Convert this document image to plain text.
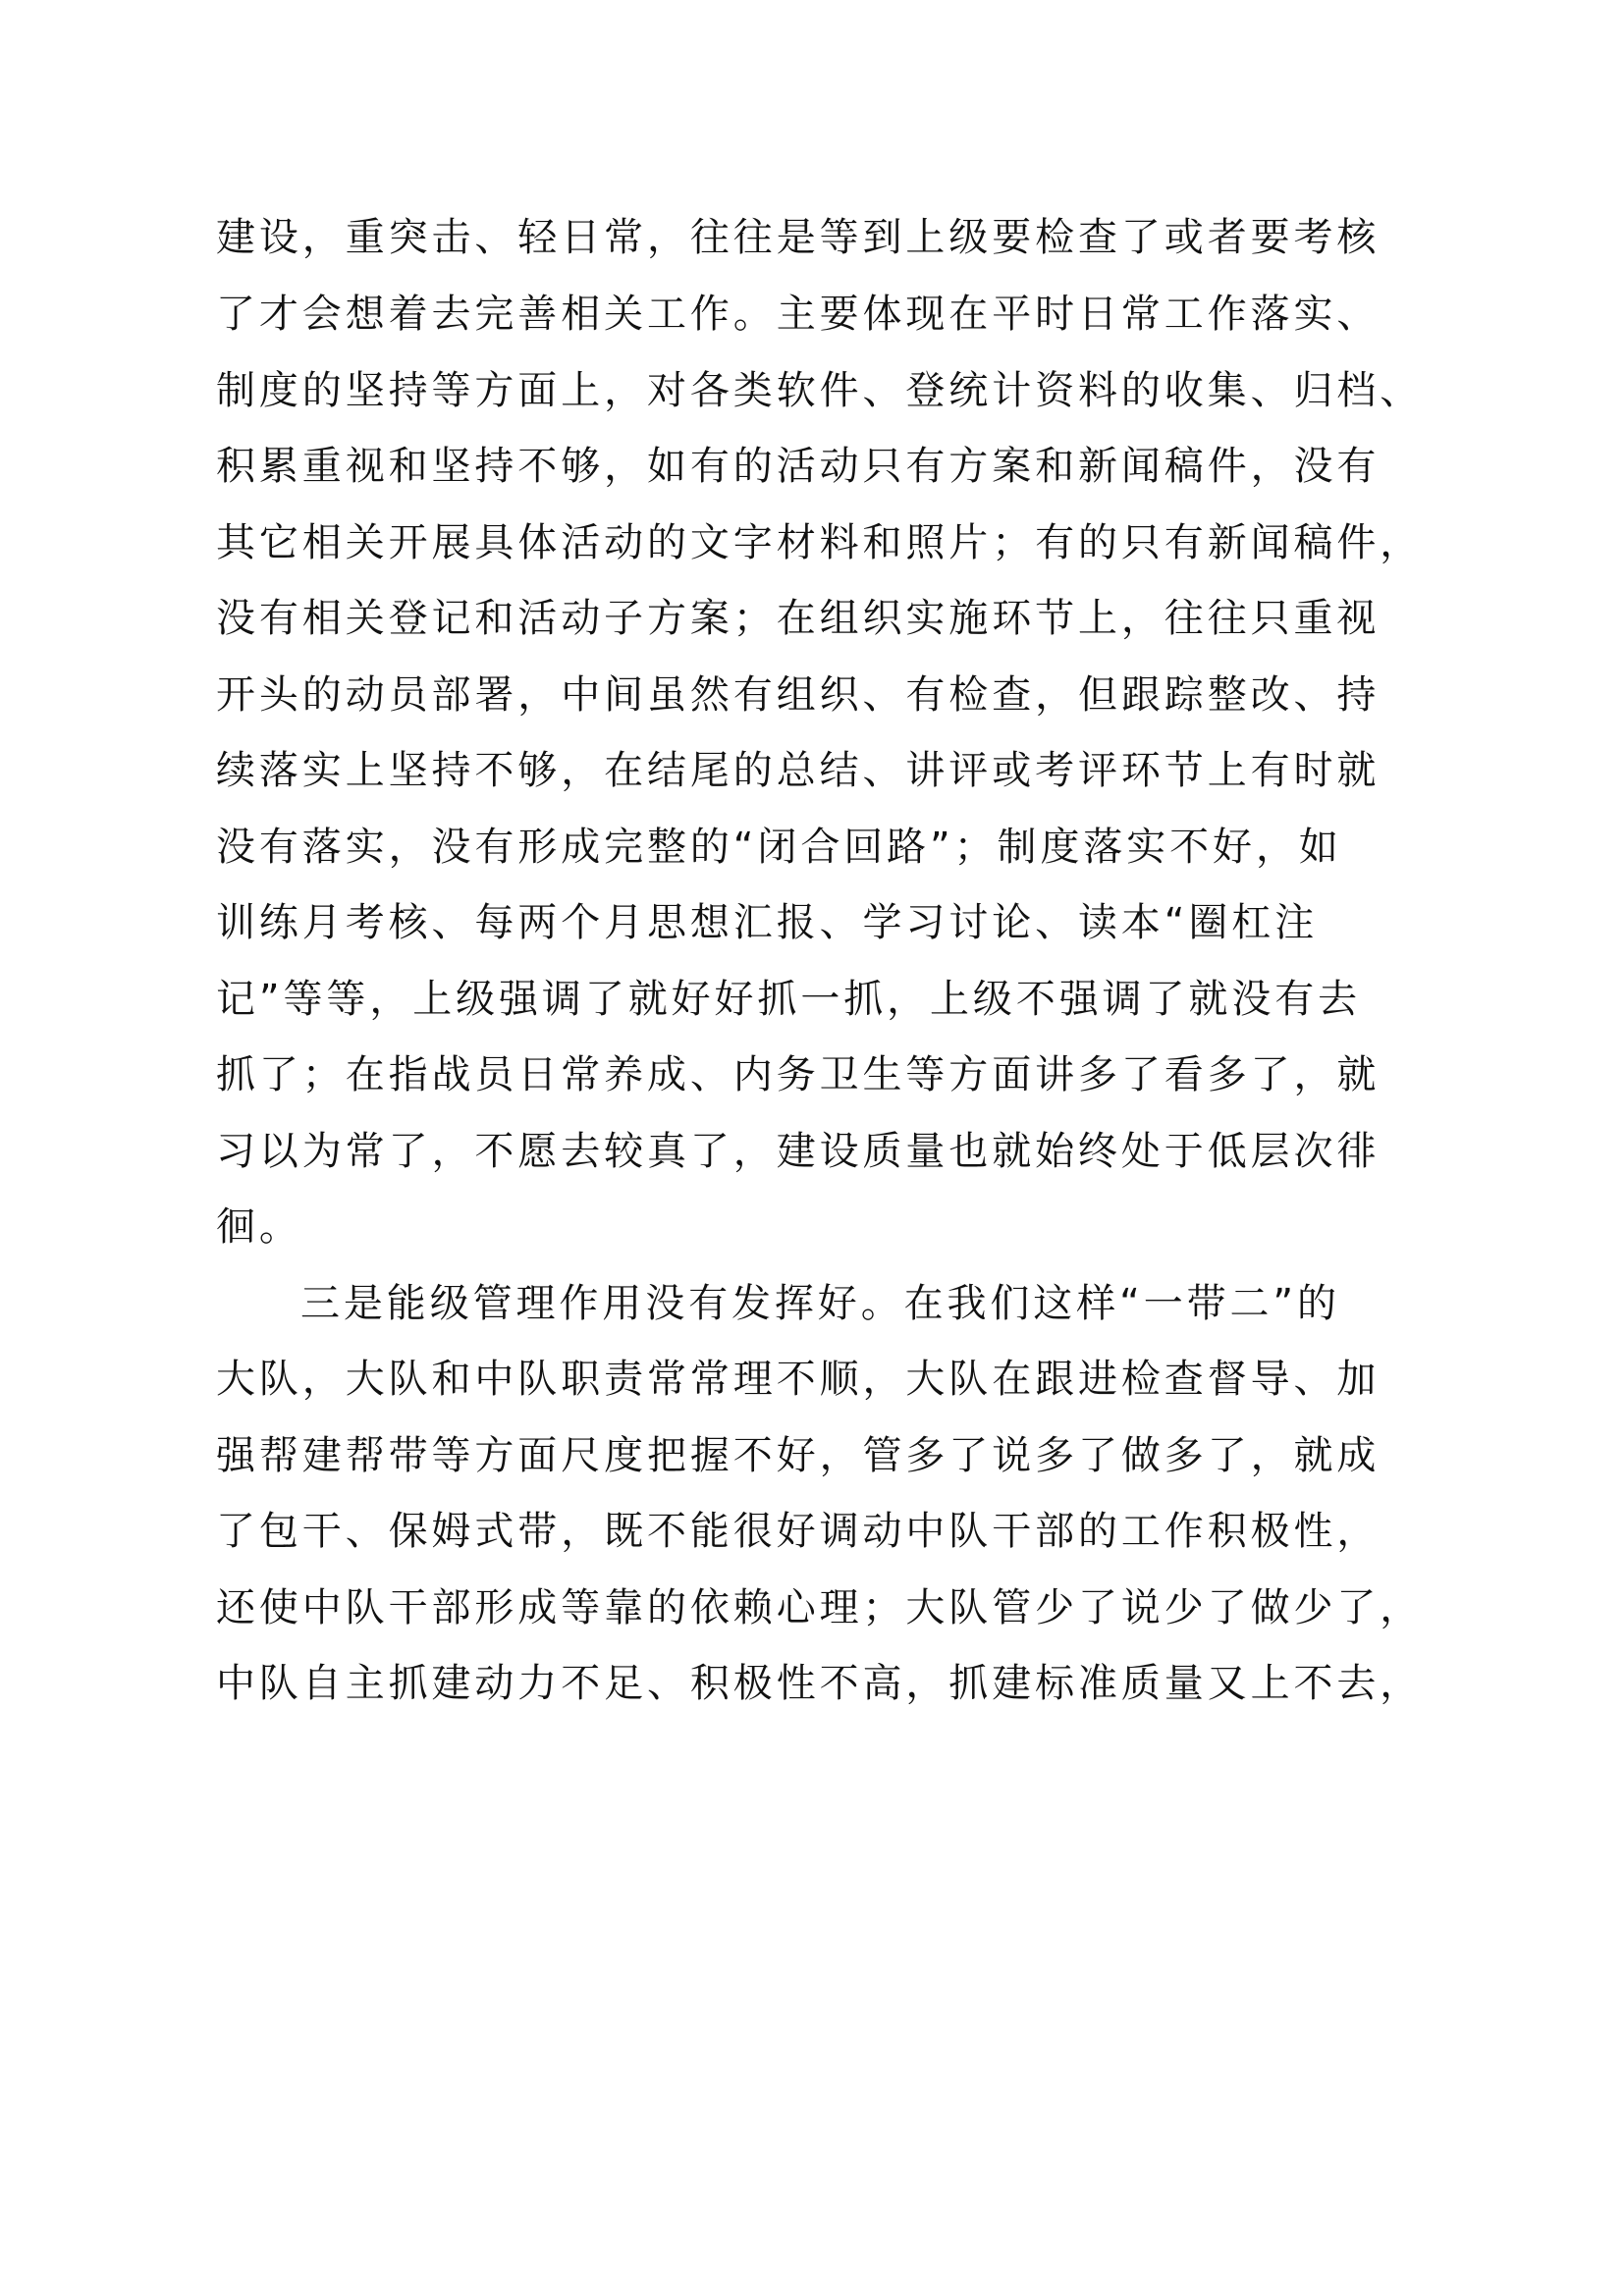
建设，重突击、轻日常，往往是等到上级要检查了或者要考核
了才会想着去完善相关工作。主要体现在平时日常工作落实、
制度的坚持等方面上，对各类软件、登统计资料的收集、归档、
积累重视和坚持不够，如有的活动只有方案和新闻稿件，没有
其它相关开展具体活动的文字材料和照片；有的只有新闻稿件，
没有相关登记和活动子方案；在组织实施环节上，往往只重视
开头的动员部署，中间虽然有组织、有检查，但跟踪整改、持
续落实上坚持不够，在结尾的总结、讲评或考评环节上有时就
没有落实，没有形成完整的“闭合回路”；制度落实不好，如
训练月考核、每两个月思想汇报、学习讨论、读本“圈杠注
记”等等，上级强调了就好好抓一抓，上级不强调了就没有去
抓了；在指战员日常养成、内务卫生等方面讲多了看多了，就
习以为常了，不愿去较真了，建设质量也就始终处于低层次徘
徊。
三是能级管理作用没有发挥好。在我们这样“一带二”的
大队，大队和中队职责常常理不顺，大队在跟进检查督导、加
强帮建帮带等方面尺度把握不好，管多了说多了做多了，就成
了包干、保姆式带，既不能很好调动中队干部的工作积极性，
还使中队干部形成等靠的依赖心理；大队管少了说少了做少了，
中队自主抓建动力不足、积极性不高，抓建标准质量又上不去，
